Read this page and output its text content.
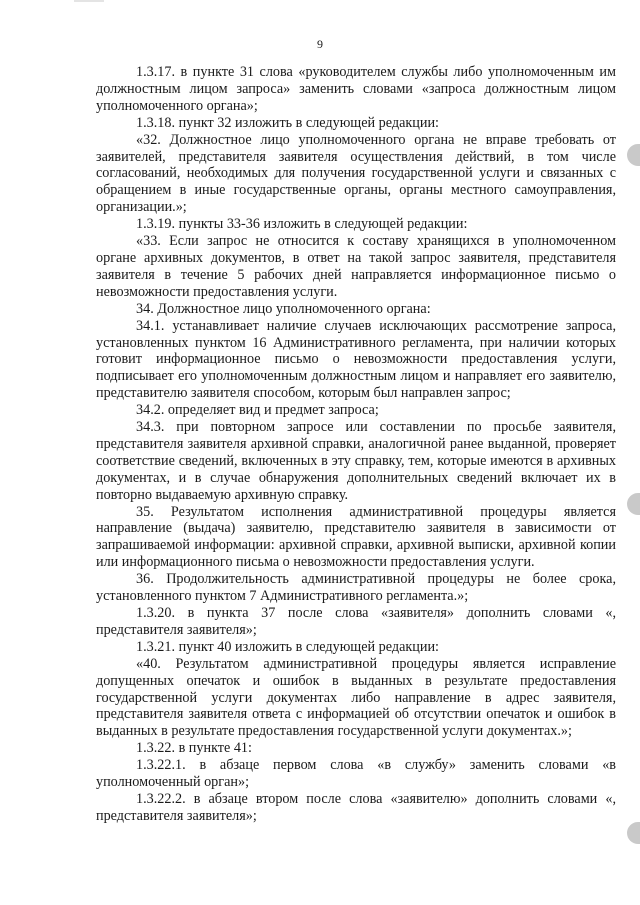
9

1.3.17. в пункте 31 слова «руководителем службы либо уполномоченным им должностным лицом запроса» заменить словами «запроса должностным лицом уполномоченного органа»;

1.3.18. пункт 32 изложить в следующей редакции:

«32. Должностное лицо уполномоченного органа не вправе требовать от заявителей, представителя заявителя осуществления действий, в том числе согласований, необходимых для получения государственной услуги и связанных с обращением в иные государственные органы, органы местного самоуправления, организации.»;

1.3.19. пункты 33-36 изложить в следующей редакции:

«33. Если запрос не относится к составу хранящихся в уполномоченном органе архивных документов, в ответ на такой запрос заявителя, представителя заявителя в течение 5 рабочих дней направляется информационное письмо о невозможности предоставления услуги.

34. Должностное лицо уполномоченного органа:

34.1. устанавливает наличие случаев исключающих рассмотрение запроса, установленных пунктом 16 Административного регламента, при наличии которых готовит информационное письмо о невозможности предоставления услуги, подписывает его уполномоченным должностным лицом и направляет его заявителю, представителю заявителя способом, которым был направлен запрос;

34.2. определяет вид и предмет запроса;

34.3. при повторном запросе или составлении по просьбе заявителя, представителя заявителя архивной справки, аналогичной ранее выданной, проверяет соответствие сведений, включенных в эту справку, тем, которые имеются в архивных документах, и в случае обнаружения дополнительных сведений включает их в повторно выдаваемую архивную справку.

35. Результатом исполнения административной процедуры является направление (выдача) заявителю, представителю заявителя в зависимости от запрашиваемой информации: архивной справки, архивной выписки, архивной копии или информационного письма о невозможности предоставления услуги.

36. Продолжительность административной процедуры не более срока, установленного пунктом 7 Административного регламента.»;

1.3.20. в пункта 37 после слова «заявителя» дополнить словами «, представителя заявителя»;

1.3.21. пункт 40 изложить в следующей редакции:

«40. Результатом административной процедуры является исправление допущенных опечаток и ошибок в выданных в результате предоставления государственной услуги документах либо направление в адрес заявителя, представителя заявителя ответа с информацией об отсутствии опечаток и ошибок в выданных в результате предоставления государственной услуги документах.»;

1.3.22. в пункте 41:

1.3.22.1. в абзаце первом слова «в службу» заменить словами «в уполномоченный орган»;

1.3.22.2. в абзаце втором после слова «заявителю» дополнить словами «, представителя заявителя»;
